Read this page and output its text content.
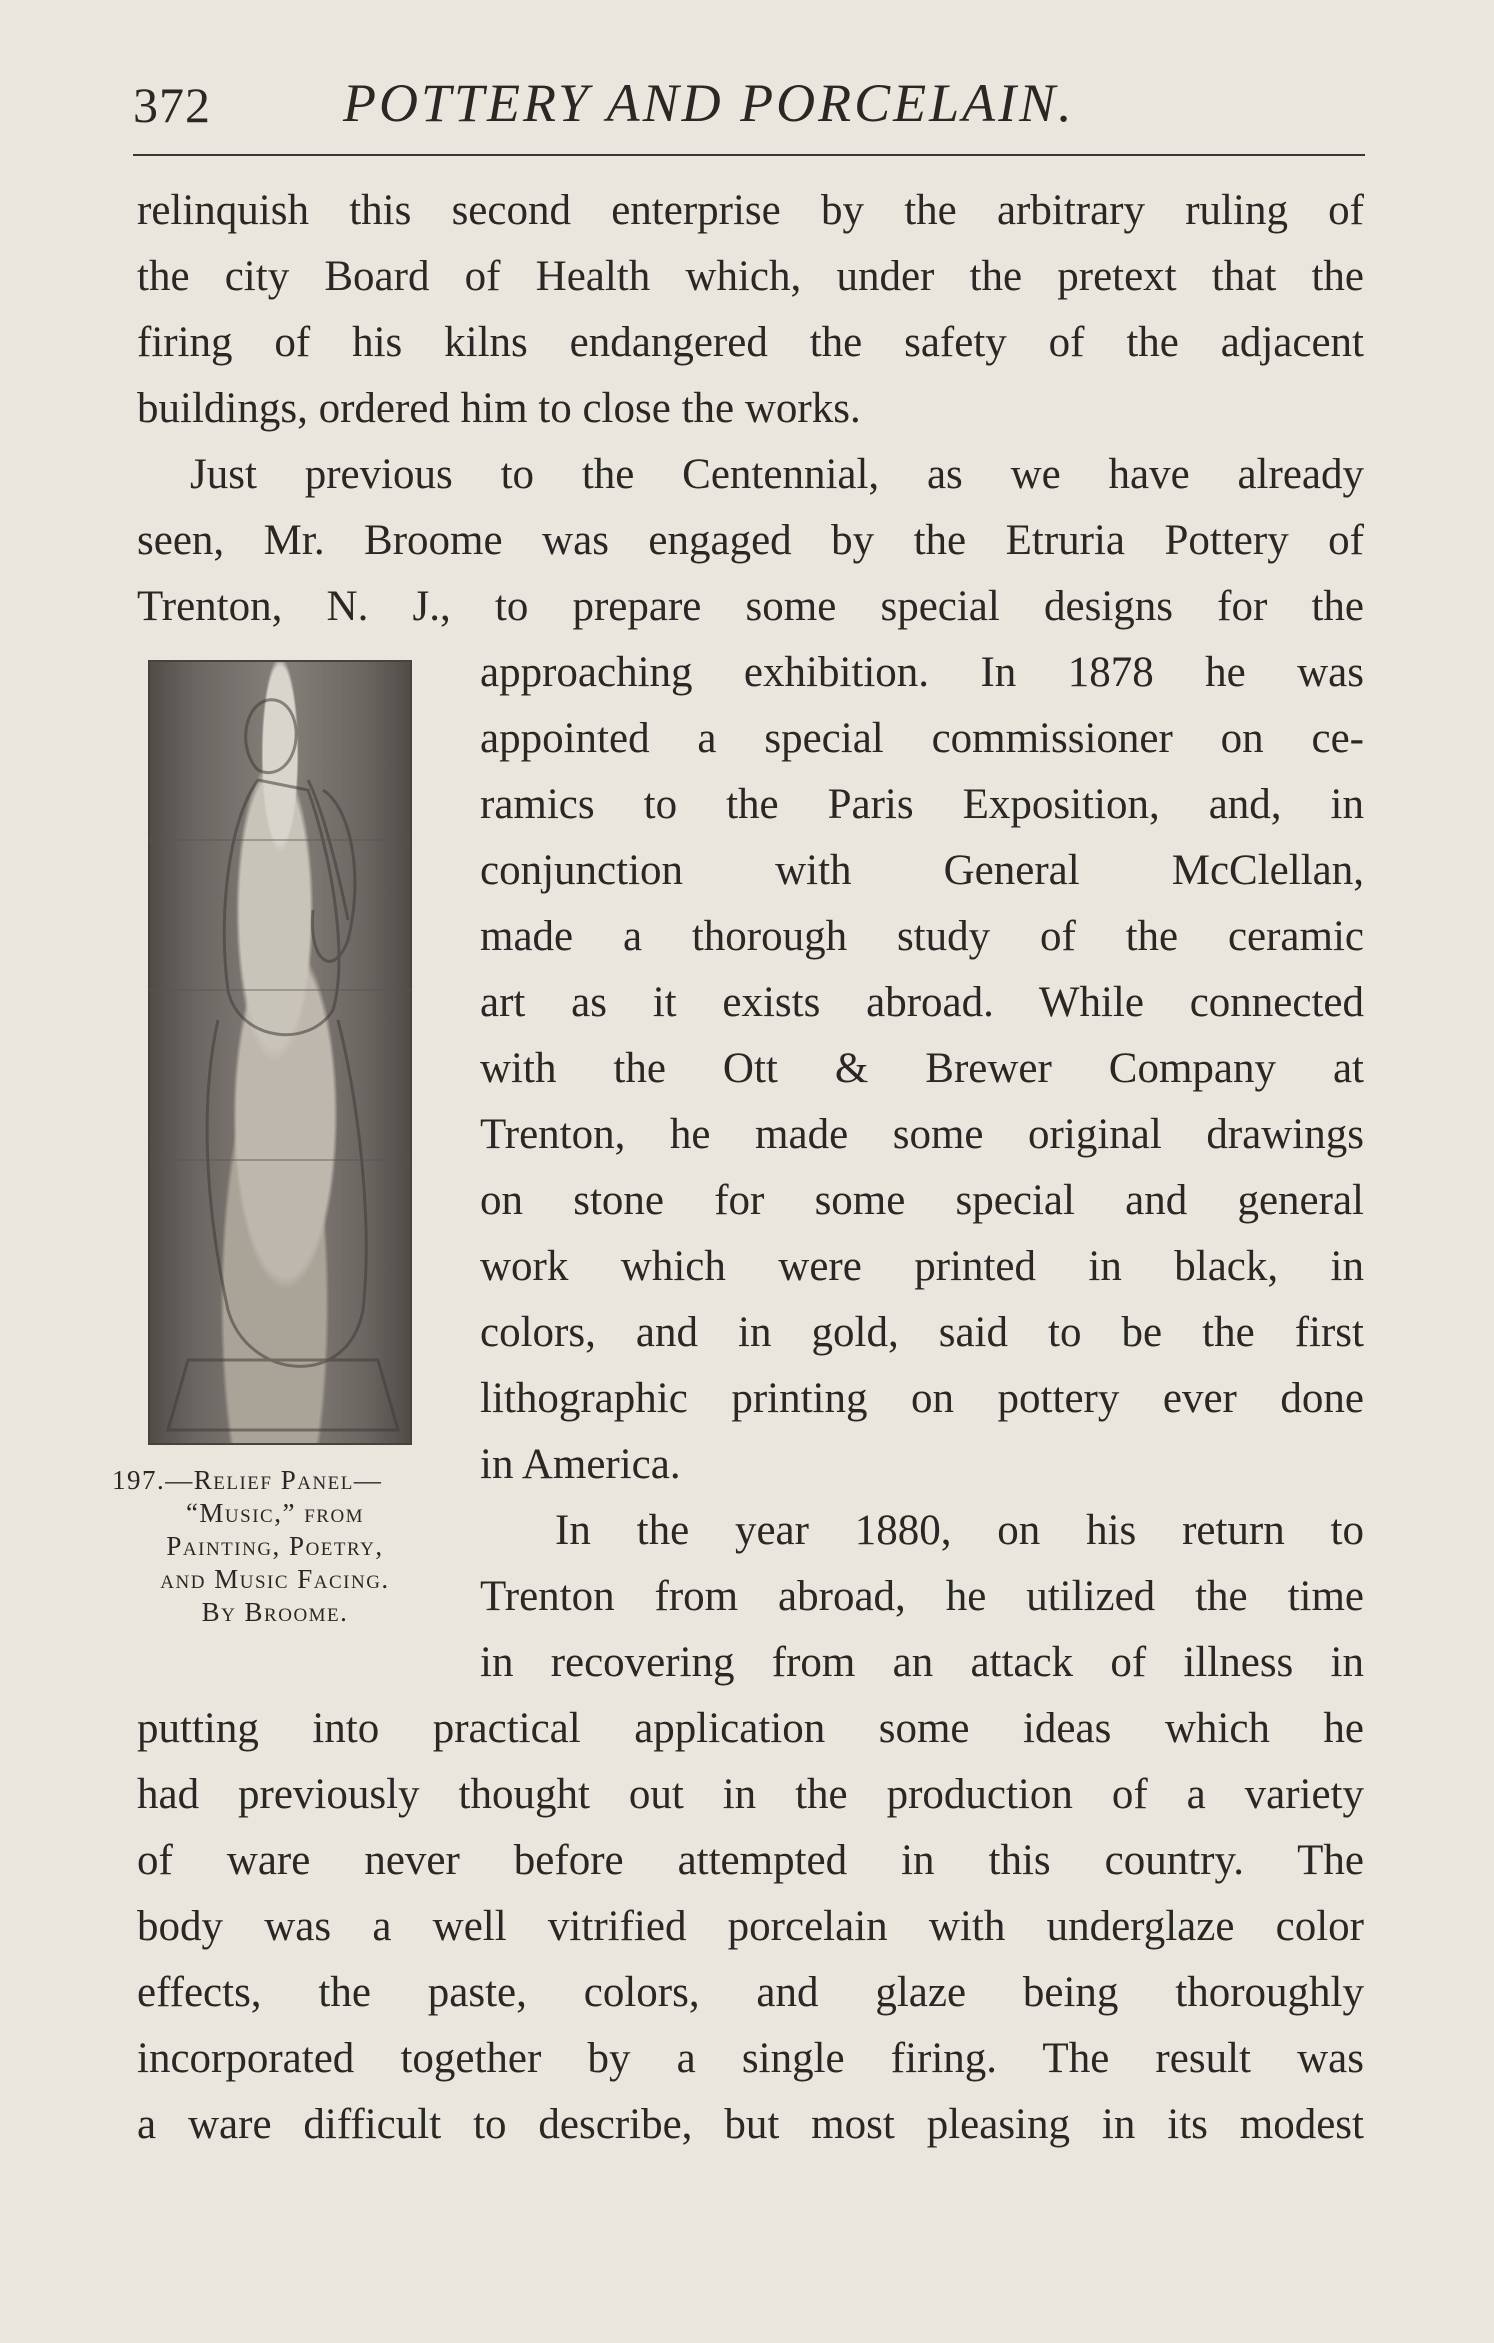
372 POTTERY AND PORCELAIN.
relinquish this second enterprise by the arbitrary ruling of
the city Board of Health which, under the pretext that the
firing of his kilns endangered the safety of the adjacent
buildings, ordered him to close the works.
Just previous to the Centennial, as we have already
seen, Mr. Broome was engaged by the Etruria Pottery of
Trenton, N. J., to prepare some special designs for the
approaching exhibition. In 1878 he was
appointed a special commissioner on ce-
ramics to the Paris Exposition, and, in
conjunction with General McClellan,
made a thorough study of the ceramic
art as it exists abroad. While connected
with the Ott & Brewer Company at
Trenton, he made some original drawings
on stone for some special and general
work which were printed in black, in
colors, and in gold, said to be the first
lithographic printing on pottery ever done
in America.
In the year 1880, on his return to
Trenton from abroad, he utilized the time
in recovering from an attack of illness in
putting into practical application some ideas which he
had previously thought out in the production of a variety
of ware never before attempted in this country. The
body was a well vitrified porcelain with underglaze color
effects, the paste, colors, and glaze being thoroughly
incorporated together by a single firing. The result was
a ware difficult to describe, but most pleasing in its modest
197.—Relief Panel—
“Music,” from
Painting, Poetry,
and Music Facing.
By Broome.
